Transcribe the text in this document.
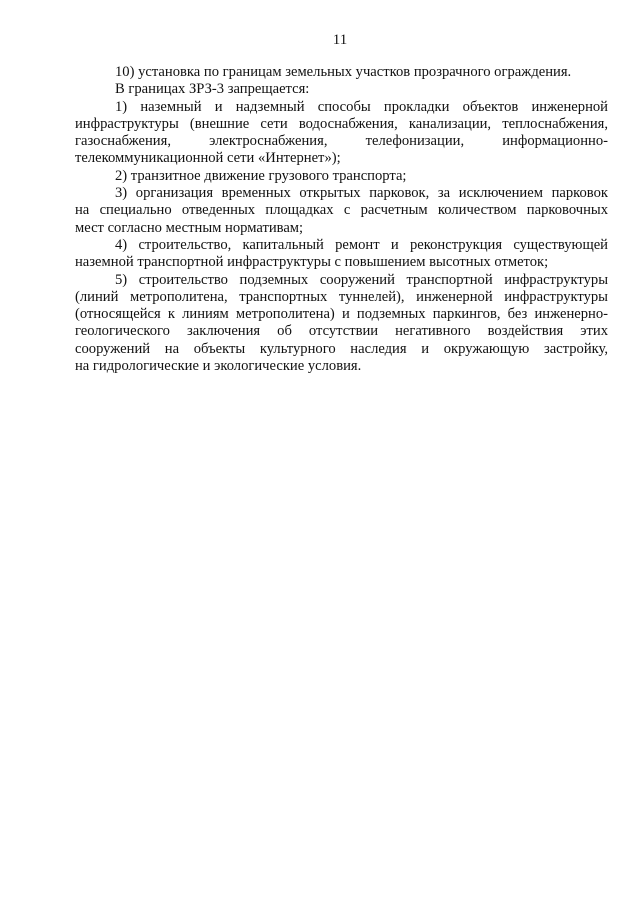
11
10) установка по границам земельных участков прозрачного ограждения.
В границах ЗРЗ-3 запрещается:
1) наземный и надземный способы прокладки объектов инженерной
инфраструктуры (внешние сети водоснабжения, канализации, теплоснабжения,
газоснабжения, электроснабжения, телефонизации, информационно-
телекоммуникационной сети «Интернет»);
2) транзитное движение грузового транспорта;
3) организация временных открытых парковок, за исключением парковок
на специально отведенных площадках с расчетным количеством парковочных
мест согласно местным нормативам;
4) строительство, капитальный ремонт и реконструкция существующей
наземной транспортной инфраструктуры с повышением высотных отметок;
5) строительство подземных сооружений транспортной инфраструктуры
(линий метрополитена, транспортных туннелей), инженерной инфраструктуры
(относящейся к линиям метрополитена) и подземных паркингов, без инженерно-
геологического заключения об отсутствии негативного воздействия этих
сооружений на объекты культурного наследия и окружающую застройку,
на гидрологические и экологические условия.
